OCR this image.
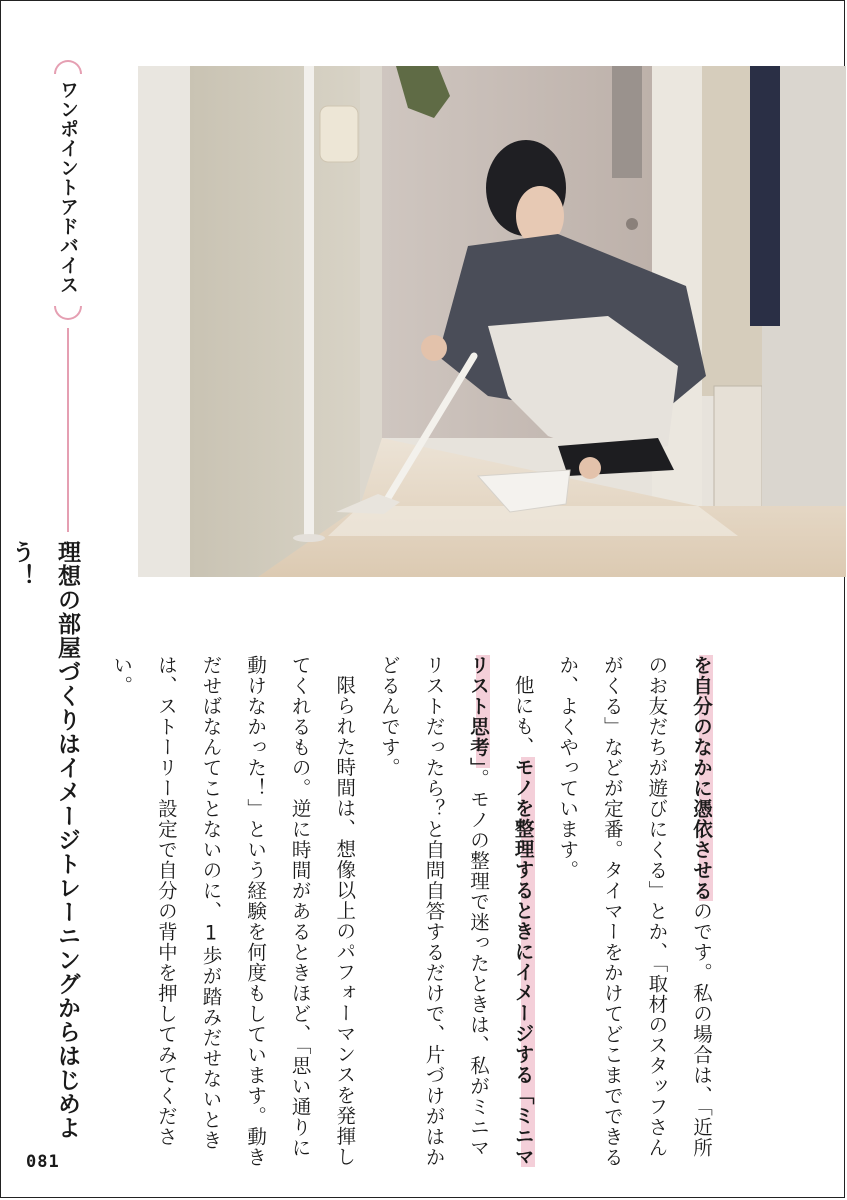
ワンポイントアドバイス
理想の部屋づくりはイメージトレーニングからはじめよう！
081

を自分のなかに憑依させるのです。私の場合は、「近所のお友だちが遊びにくる」とか、「取材のスタッフさんがくる」などが定番。タイマーをかけてどこまでできるか、よくやっています。

他にも、モノを整理するときにイメージする「ミニマリスト思考」。モノの整理で迷ったときは、私がミニマリストだったら？と自問自答するだけで、片づけがはかどるんです。

限られた時間は、想像以上のパフォーマンスを発揮してくれるもの。逆に時間があるときほど、「思い通りに動けなかった！」という経験を何度もしています。動きだせばなんてことないのに、1歩が踏みだせないときは、ストーリー設定で自分の背中を押してみてください。
